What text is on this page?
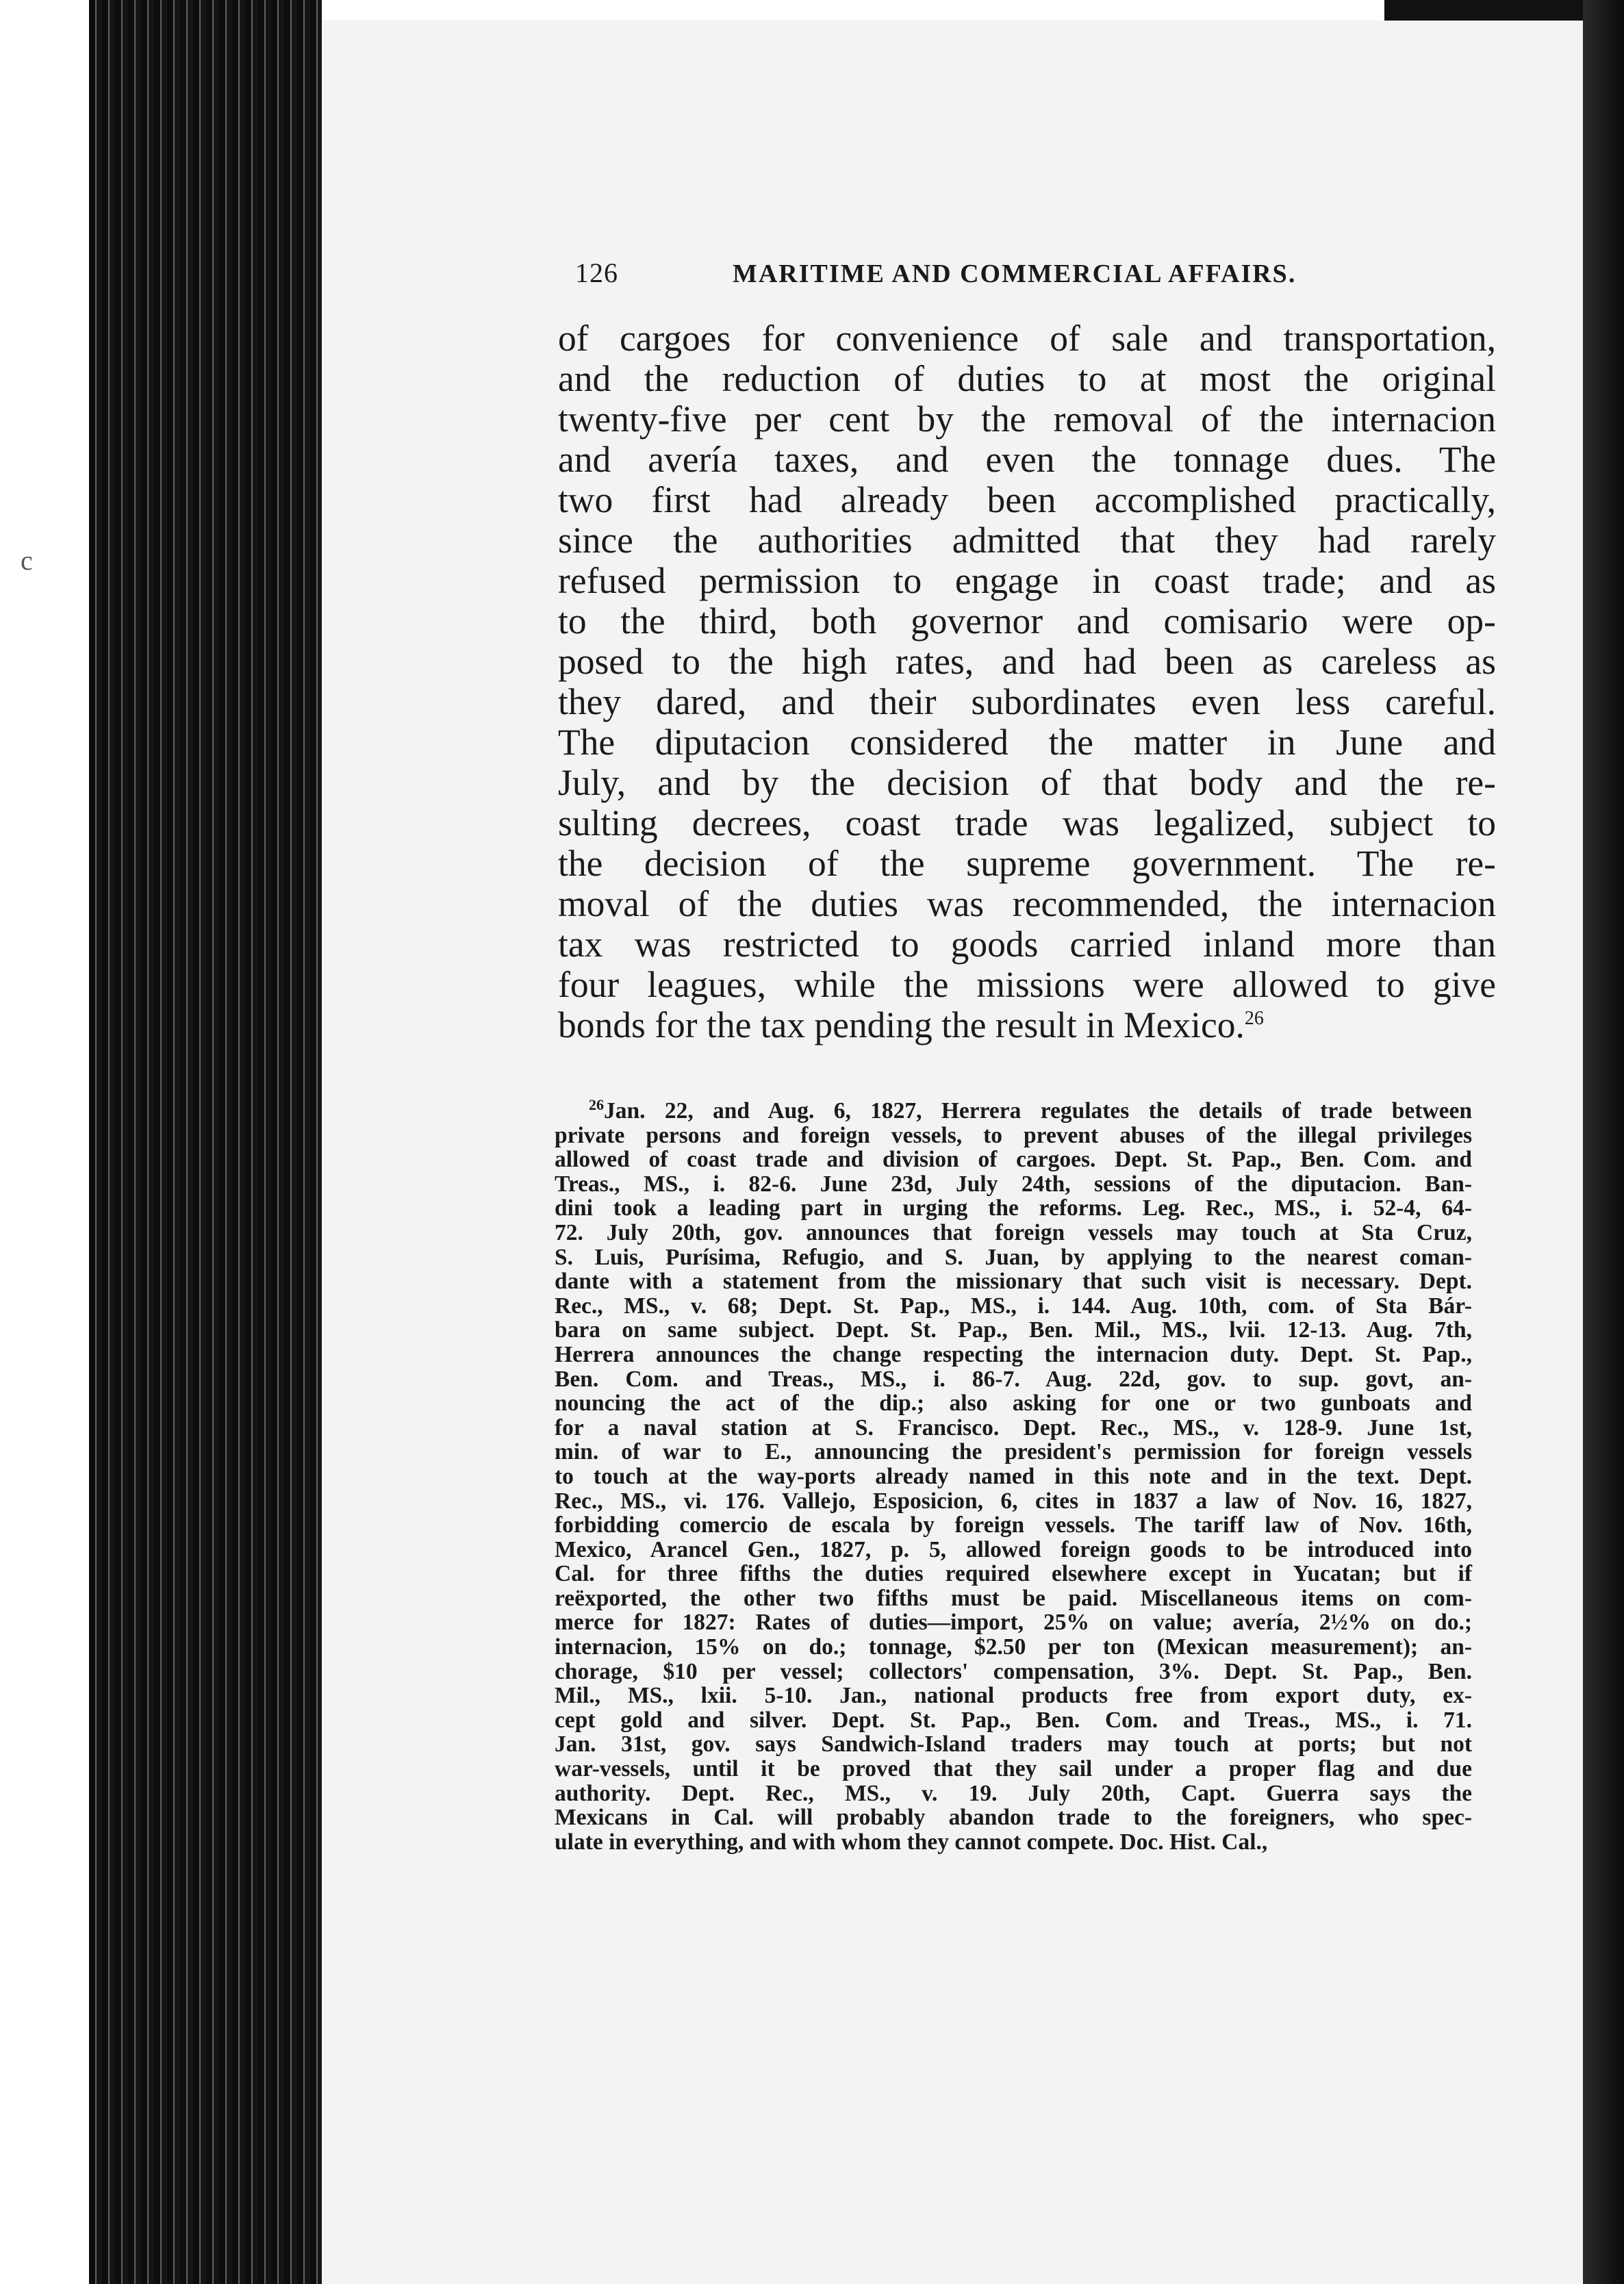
c
126	MARITIME AND COMMERCIAL AFFAIRS.
of cargoes for convenience of sale and transportation,
and the reduction of duties to at most the original
twenty-five per cent by the removal of the internacion
and avería taxes, and even the tonnage dues. The
two first had already been accomplished practically,
since the authorities admitted that they had rarely
refused permission to engage in coast trade; and as
to the third, both governor and comisario were op-
posed to the high rates, and had been as careless as
they dared, and their subordinates even less careful.
The diputacion considered the matter in June and
July, and by the decision of that body and the re-
sulting decrees, coast trade was legalized, subject to
the decision of the supreme government. The re-
moval of the duties was recommended, the internacion
tax was restricted to goods carried inland more than
four leagues, while the missions were allowed to give
bonds for the tax pending the result in Mexico.$^{26}$
$^{26}$Jan. 22, and Aug. 6, 1827, Herrera regulates the details of trade between
private persons and foreign vessels, to prevent abuses of the illegal privileges
allowed of coast trade and division of cargoes. Dept. St. Pap., Ben. Com. and
Treas., MS., i. 82-6. June 23d, July 24th, sessions of the diputacion. Ban-
dini took a leading part in urging the reforms. Leg. Rec., MS., i. 52-4, 64-
72. July 20th, gov. announces that foreign vessels may touch at Sta Cruz,
S. Luis, Purísima, Refugio, and S. Juan, by applying to the nearest coman-
dante with a statement from the missionary that such visit is necessary. Dept.
Rec., MS., v. 68; Dept. St. Pap., MS., i. 144. Aug. 10th, com. of Sta Bár-
bara on same subject. Dept. St. Pap., Ben. Mil., MS., lvii. 12-13. Aug. 7th,
Herrera announces the change respecting the internacion duty. Dept. St. Pap.,
Ben. Com. and Treas., MS., i. 86-7. Aug. 22d, gov. to sup. govt, an-
nouncing the act of the dip.; also asking for one or two gunboats and
for a naval station at S. Francisco. Dept. Rec., MS., v. 128-9. June 1st,
min. of war to E., announcing the president's permission for foreign vessels
to touch at the way-ports already named in this note and in the text. Dept.
Rec., MS., vi. 176. Vallejo, Esposicion, 6, cites in 1837 a law of Nov. 16, 1827,
forbidding comercio de escala by foreign vessels. The tariff law of Nov. 16th,
Mexico, Arancel Gen., 1827, p. 5, allowed foreign goods to be introduced into
Cal. for three fifths the duties required elsewhere except in Yucatan; but if
reëxported, the other two fifths must be paid. Miscellaneous items on com-
merce for 1827: Rates of duties—import, 25% on value; avería, 2½% on do.;
internacion, 15% on do.; tonnage, $2.50 per ton (Mexican measurement); an-
chorage, $10 per vessel; collectors' compensation, 3%. Dept. St. Pap., Ben.
Mil., MS., lxii. 5-10. Jan., national products free from export duty, ex-
cept gold and silver. Dept. St. Pap., Ben. Com. and Treas., MS., i. 71.
Jan. 31st, gov. says Sandwich-Island traders may touch at ports; but not
war-vessels, until it be proved that they sail under a proper flag and due
authority. Dept. Rec., MS., v. 19. July 20th, Capt. Guerra says the
Mexicans in Cal. will probably abandon trade to the foreigners, who spec-
ulate in everything, and with whom they cannot compete. Doc. Hist. Cal.,
